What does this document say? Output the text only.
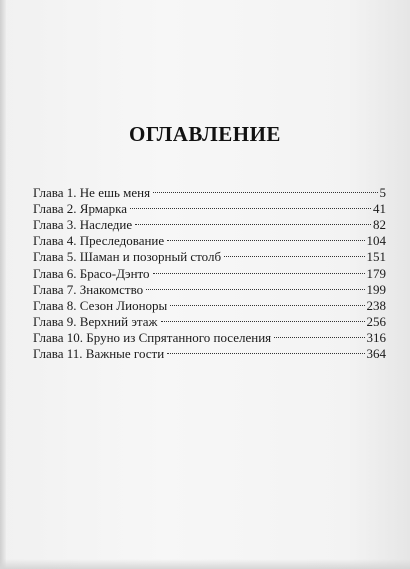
ОГЛАВЛЕНИЕ
Глава 1. Не ешь меня	5
Глава 2. Ярмарка	41
Глава 3. Наследие	82
Глава 4. Преследование	104
Глава 5. Шаман и позорный столб	151
Глава 6. Брасо-Дэнто	179
Глава 7. Знакомство	199
Глава 8. Сезон Лионоры	238
Глава 9. Верхний этаж	256
Глава 10. Бруно из Спрятанного поселения	316
Глава 11. Важные гости	364
